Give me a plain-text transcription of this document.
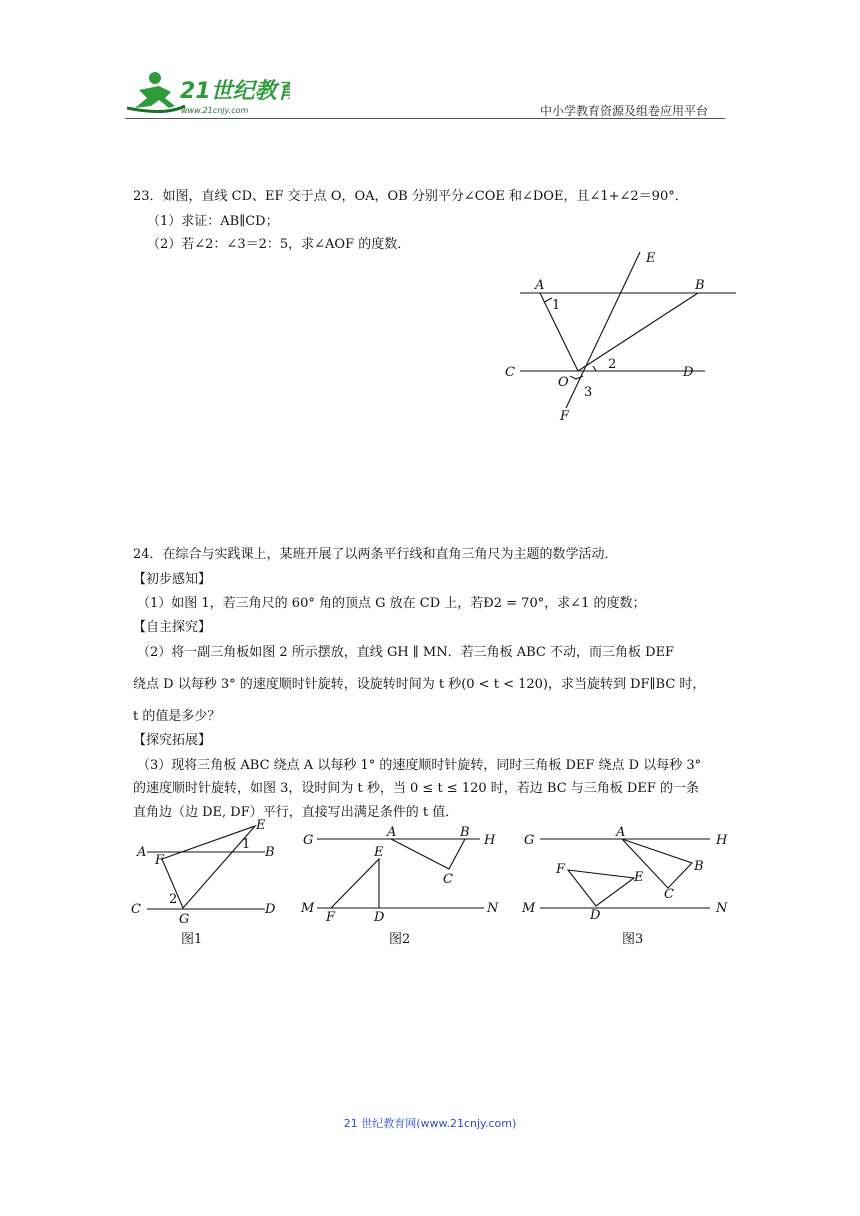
21世纪教育
www.21cnjy.com	中小学教育资源及组卷应用平台
23．如图，直线 CD、EF 交于点 O，OA，OB 分别平分∠COE 和∠DOE，且∠1+∠2＝90°．
（1）求证：AB∥CD；
（2）若∠2：∠3＝2：5，求∠AOF 的度数．
A	B
C	D
E
F
O
1
2
3
24．在综合与实践课上，某班开展了以两条平行线和直角三角尺为主题的数学活动．
【初步感知】
（1）如图 1，若三角尺的 60° 角的顶点 G 放在 CD 上，若Ð2 = 70°，求∠1 的度数；
【自主探究】
（2）将一副三角板如图 2 所示摆放，直线 GH ∥ MN．若三角板 ABC 不动，而三角板 DEF
绕点 D 以每秒 3° 的速度顺时针旋转，设旋转时间为 t 秒(0 < t < 120)，求当旋转到 DF∥BC 时，
t 的值是多少？
【探究拓展】
（3）现将三角板 ABC 绕点 A 以每秒 1° 的速度顺时针旋转，同时三角板 DEF 绕点 D 以每秒 3°
的速度顺时针旋转，如图 3，设时间为 t 秒，当 0 ≤ t ≤ 120 时，若边 BC 与三角板 DEF 的一条
直角边（边 DE, DF）平行，直接写出满足条件的 t 值．
A	B
C	D
E
F
G
1
2
图1
G	H
A	B
C
E
M
F	D
N
图2
G	H
A
B
C
E
F
M	D	N
图3
21 世纪教育网(www.21cnjy.com)
